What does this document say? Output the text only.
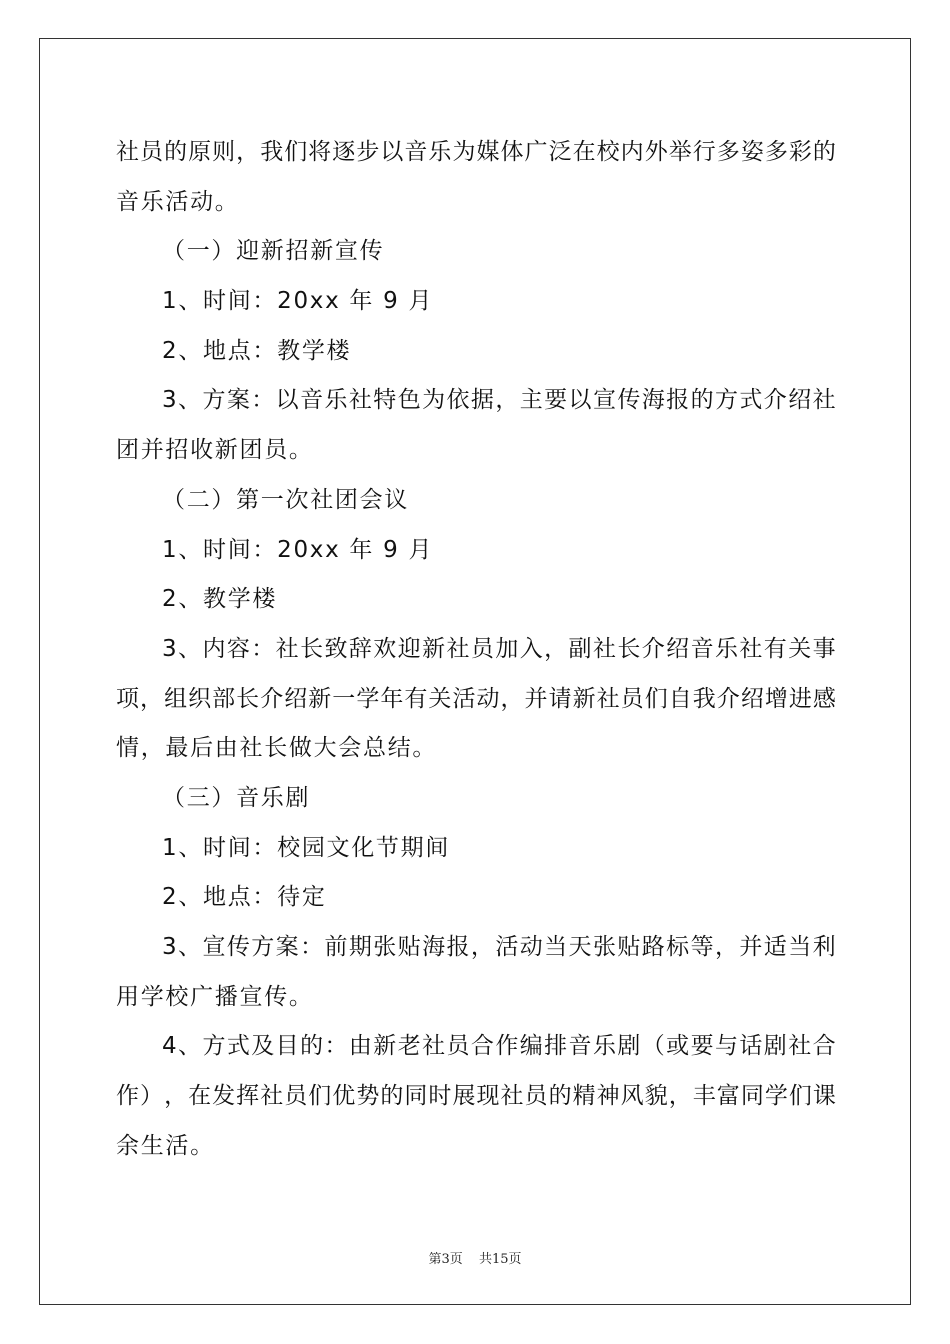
社 员 的 原 则 ， 我 们 将 逐 步 以 音 乐 为 媒 体 广 泛 在 校 内 外 举 行 多 姿 多 彩 的
音乐活动。
（一）迎新招新宣传
1、时间：20xx 年 9 月
2、地点：教学楼
3 、 方 案 ： 以 音 乐 社 特 色 为 依 据 ， 主 要 以 宣 传 海 报 的 方 式 介 绍 社
团并招收新团员。
（二）第一次社团会议
1、时间：20xx 年 9 月
2、教学楼
3 、 内 容 ： 社 长 致 辞 欢 迎 新 社 员 加 入 ， 副 社 长 介 绍 音 乐 社 有 关 事
项 ， 组 织 部 长 介 绍 新 一 学 年 有 关 活 动 ， 并 请 新 社 员 们 自 我 介 绍 增 进 感
情，最后由社长做大会总结。
（三）音乐剧
1、时间：校园文化节期间
2、地点：待定
3 、 宣 传 方 案 ： 前 期 张 贴 海 报 ， 活 动 当 天 张 贴 路 标 等 ， 并 适 当 利
用学校广播宣传。
4 、 方 式 及 目 的 ： 由 新 老 社 员 合 作 编 排 音 乐 剧 （ 或 要 与 话 剧 社 合
作 ） ， 在 发 挥 社 员 们 优 势 的 同 时 展 现 社 员 的 精 神 风 貌 ， 丰 富 同 学 们 课
余生活。
第3页 共15页
